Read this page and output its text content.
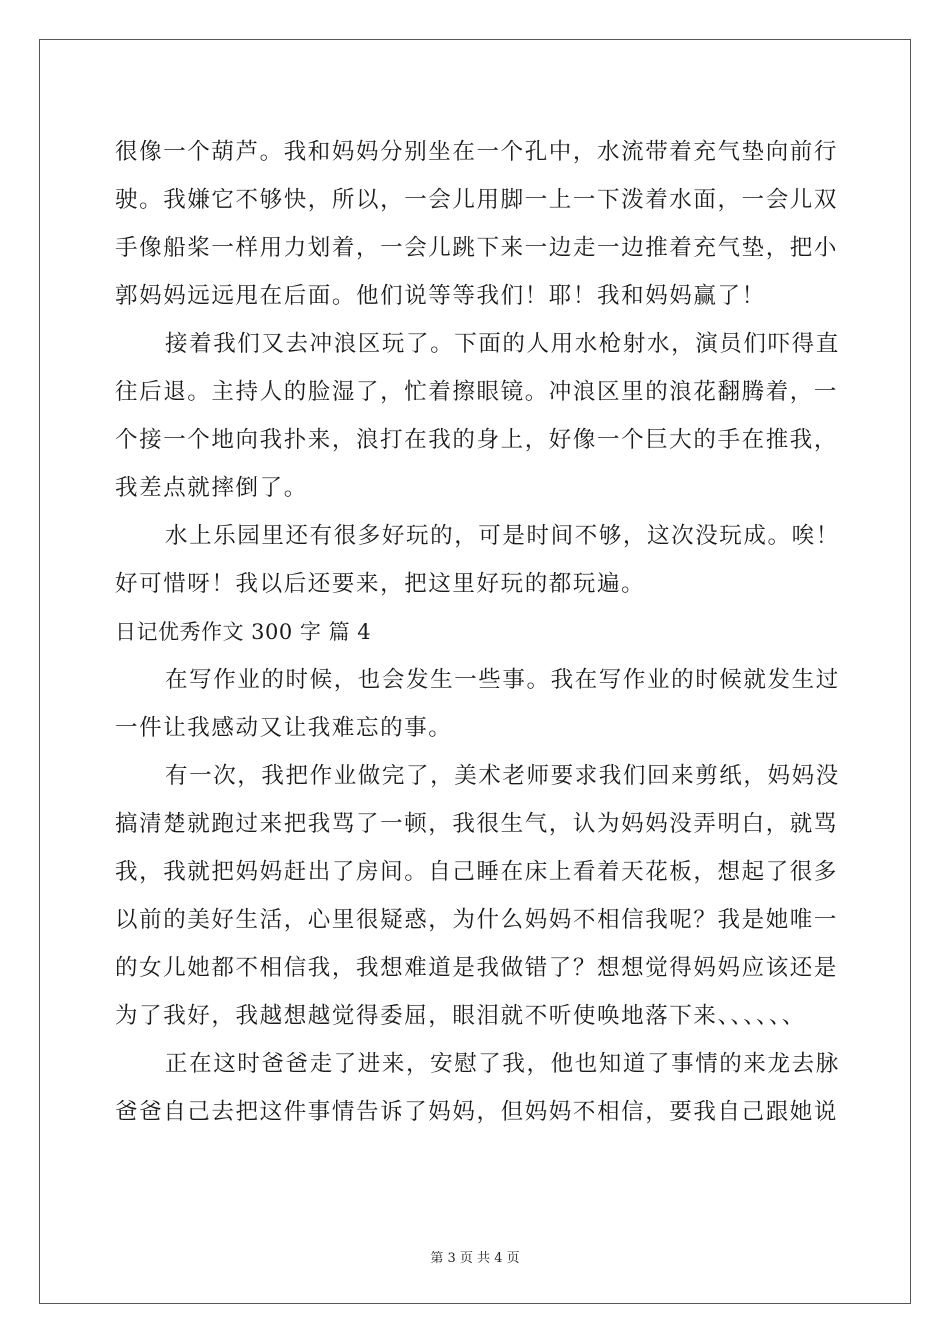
很像一个葫芦。我和妈妈分别坐在一个孔中，水流带着充气垫向前行
驶。我嫌它不够快，所以，一会儿用脚一上一下泼着水面，一会儿双
手像船桨一样用力划着，一会儿跳下来一边走一边推着充气垫，把小
郭妈妈远远甩在后面。他们说等等我们！耶！我和妈妈赢了！
接着我们又去冲浪区玩了。下面的人用水枪射水，演员们吓得直
往后退。主持人的脸湿了，忙着擦眼镜。冲浪区里的浪花翻腾着，一
个接一个地向我扑来，浪打在我的身上，好像一个巨大的手在推我，
我差点就摔倒了。
水上乐园里还有很多好玩的，可是时间不够，这次没玩成。唉！
好可惜呀！我以后还要来，把这里好玩的都玩遍。
日记优秀作文 300 字 篇 4
在写作业的时候，也会发生一些事。我在写作业的时候就发生过
一件让我感动又让我难忘的事。
有一次，我把作业做完了，美术老师要求我们回来剪纸，妈妈没
搞清楚就跑过来把我骂了一顿，我很生气，认为妈妈没弄明白，就骂
我，我就把妈妈赶出了房间。自己睡在床上看着天花板，想起了很多
以前的美好生活，心里很疑惑，为什么妈妈不相信我呢？我是她唯一
的女儿她都不相信我，我想难道是我做错了？想想觉得妈妈应该还是
为了我好，我越想越觉得委屈，眼泪就不听使唤地落下来、、、、、、
正在这时爸爸走了进来，安慰了我，他也知道了事情的来龙去脉
爸爸自己去把这件事情告诉了妈妈，但妈妈不相信，要我自己跟她说
第 3 页 共 4 页
